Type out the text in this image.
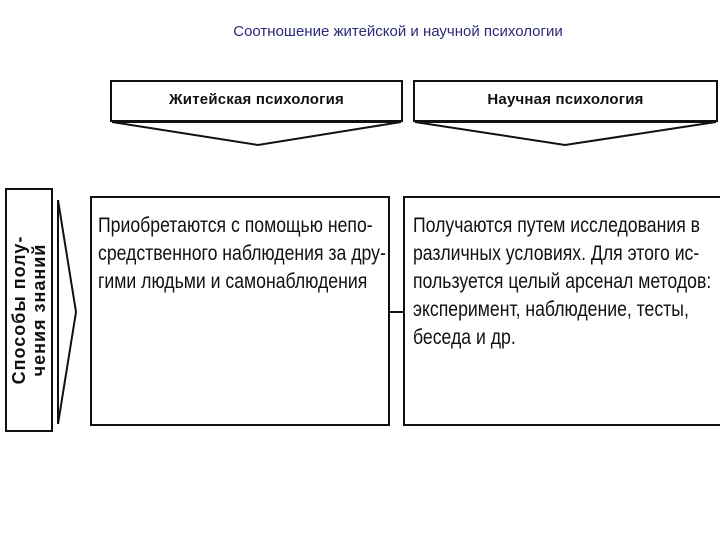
Соотношение житейской и научной психологии
Житейская психология	Научная психология
Способы полу- чения знаний

Приобретаются с помощью непо-

средственного наблюдения за дру-

гими людьми и самонаблюдения

Получаются путем исследования в

различных условиях. Для этого ис-

пользуется целый арсенал методов:

эксперимент, наблюдение, тесты,

беседа и др.
